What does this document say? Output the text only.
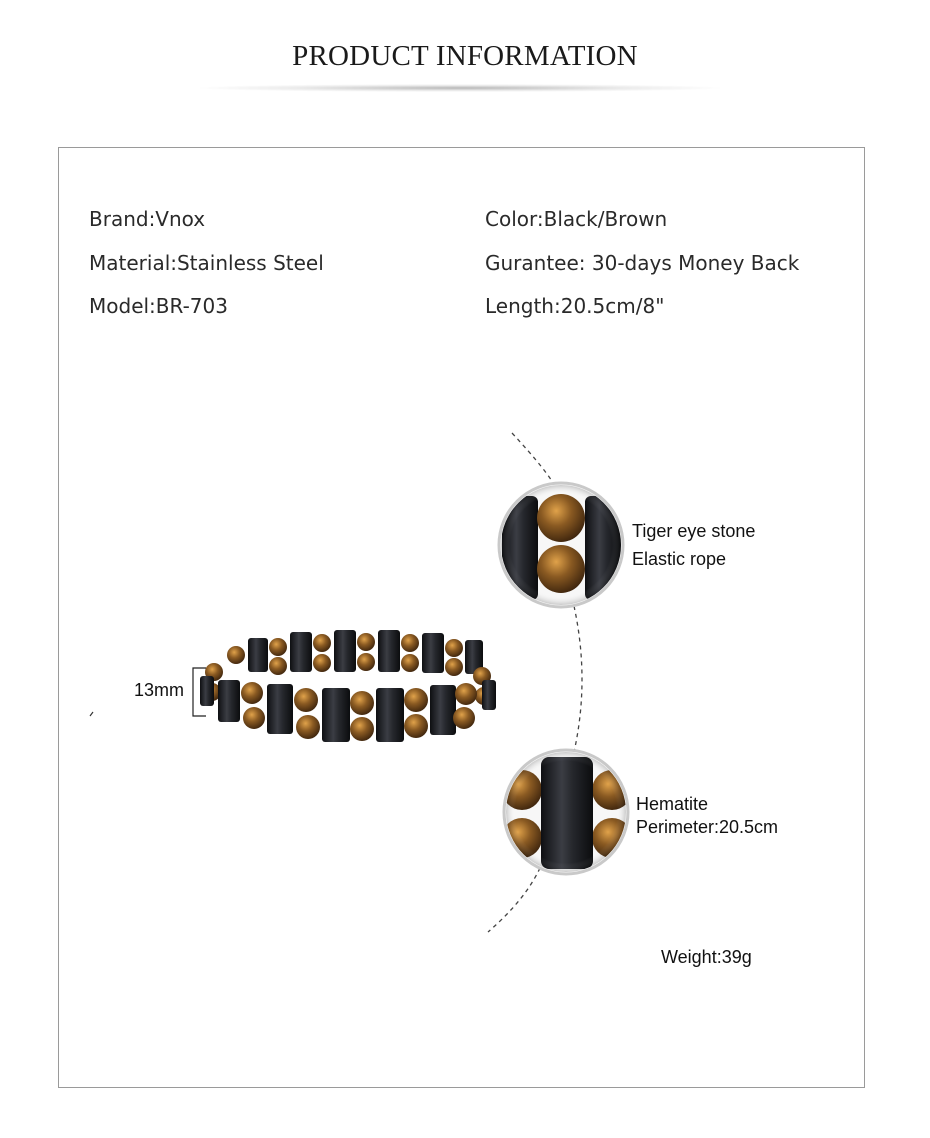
PRODUCT INFORMATION
Brand:Vnox
Material:Stainless Steel
Model:BR-703
Color:Black/Brown
Gurantee: 30-days Money Back
Length:20.5cm/8"
Tiger eye stone
Elastic rope
Hematite
Perimeter:20.5cm
13mm
Weight:39g
